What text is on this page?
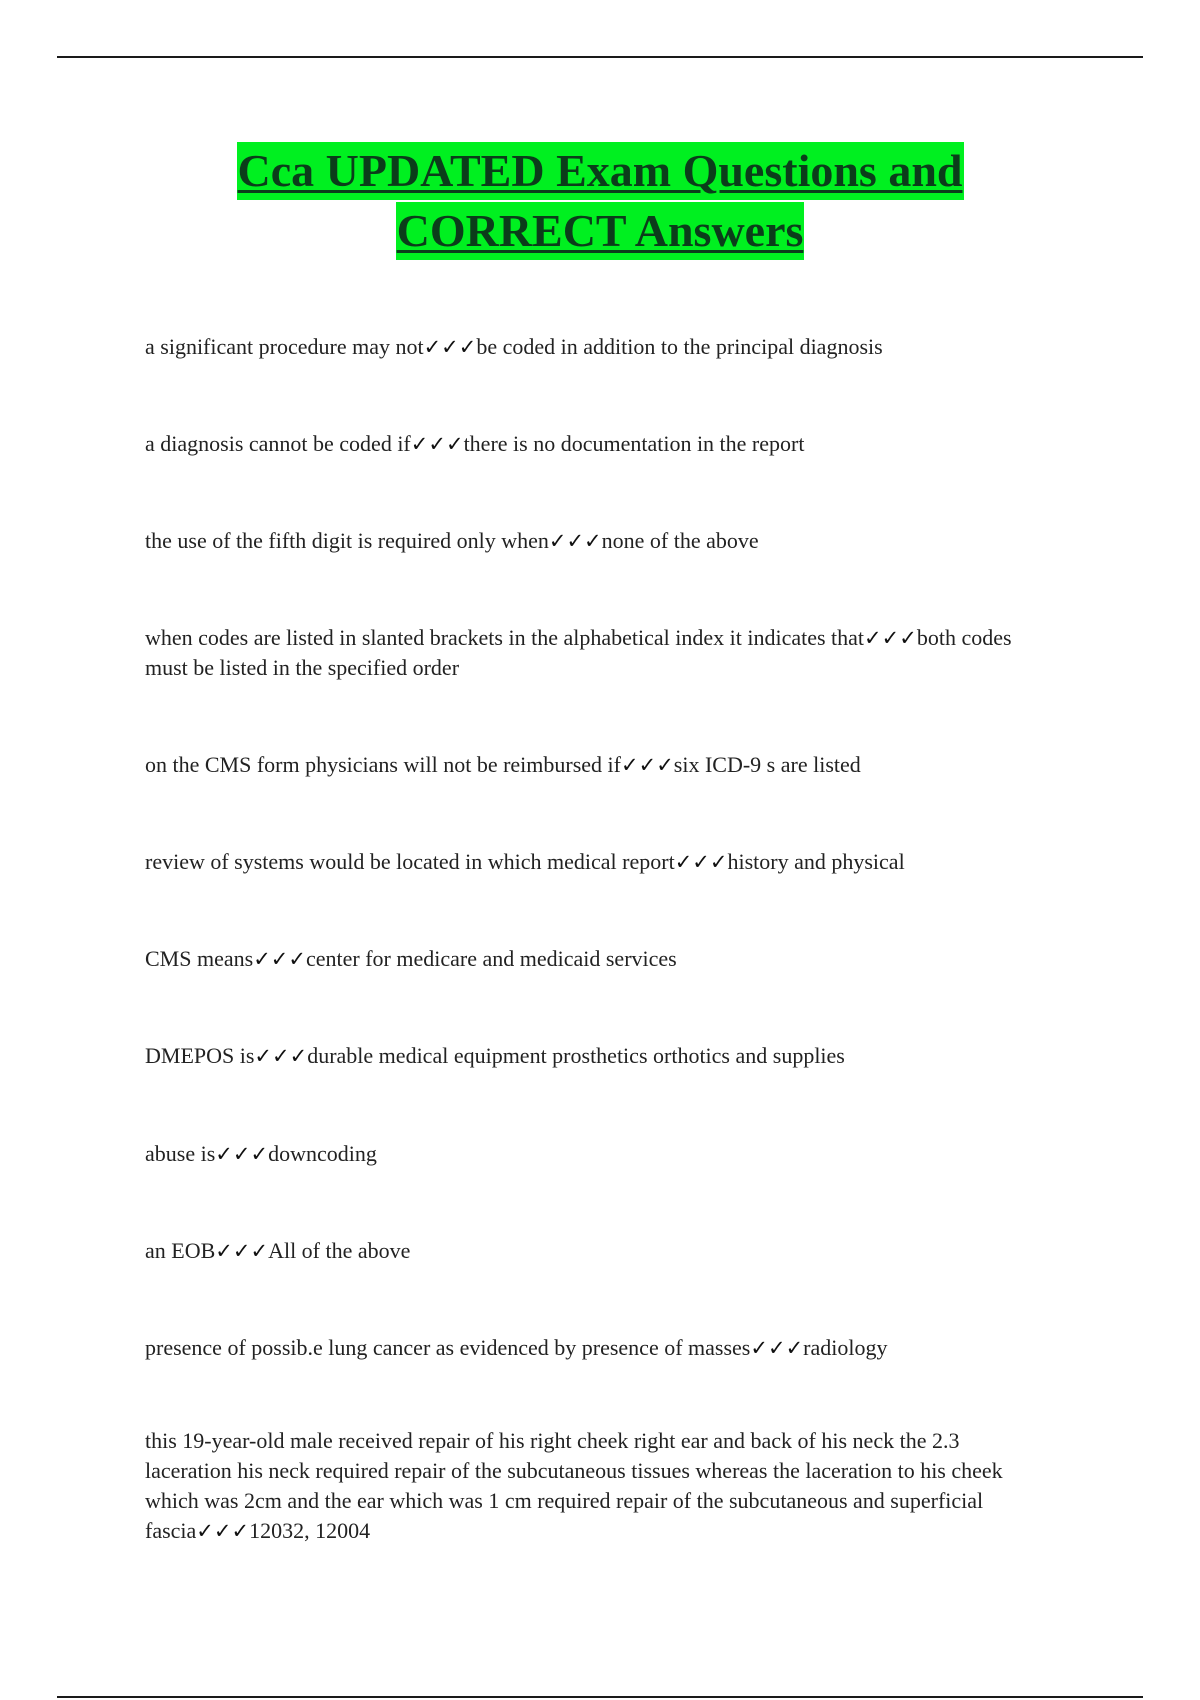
Cca UPDATED Exam Questions and
CORRECT Answers
a significant procedure may not✓✓✓be coded in addition to the principal diagnosis
a diagnosis cannot be coded if✓✓✓there is no documentation in the report
the use of the fifth digit is required only when✓✓✓none of the above
when codes are listed in slanted brackets in the alphabetical index it indicates that✓✓✓both codes must be listed in the specified order
on the CMS form physicians will not be reimbursed if✓✓✓six ICD-9 s are listed
review of systems would be located in which medical report✓✓✓history and physical
CMS means✓✓✓center for medicare and medicaid services
DMEPOS is✓✓✓durable medical equipment prosthetics orthotics and supplies
abuse is✓✓✓downcoding
an EOB✓✓✓All of the above
presence of possib.e lung cancer as evidenced by presence of masses✓✓✓radiology
this 19-year-old male received repair of his right cheek right ear and back of his neck the 2.3 laceration his neck required repair of the subcutaneous tissues whereas the laceration to his cheek which was 2cm and the ear which was 1 cm required repair of the subcutaneous and superficial fascia✓✓✓12032, 12004
